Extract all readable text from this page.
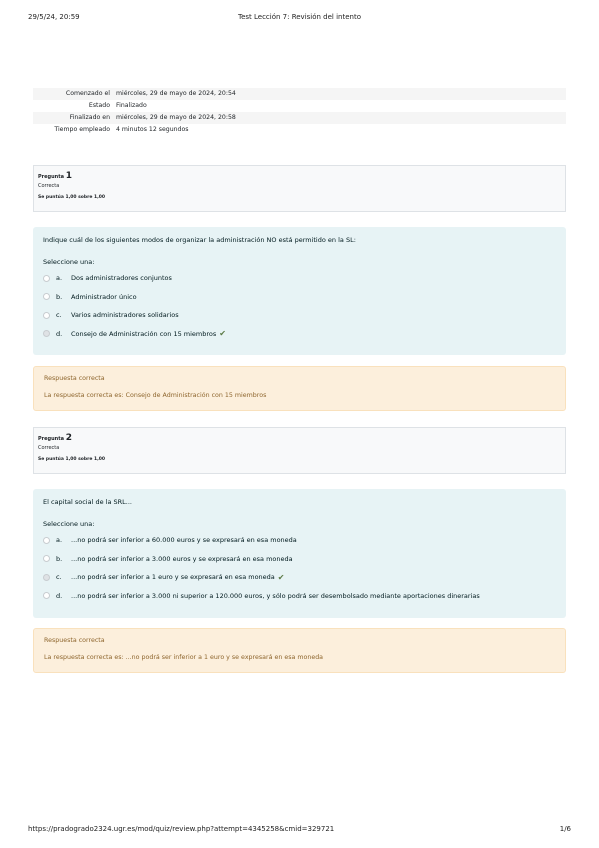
29/5/24, 20:59	Test Lección 7: Revisión del intento
Comenzado el	miércoles, 29 de mayo de 2024, 20:54
Estado	Finalizado
Finalizado en	miércoles, 29 de mayo de 2024, 20:58
Tiempo empleado	4 minutos 12 segundos
Pregunta 1
Correcta
Se puntúa 1,00 sobre 1,00
Indique cuál de los siguientes modos de organizar la administración NO está permitido en la SL:
Seleccione una:
a.	Dos administradores conjuntos
b.	Administrador único
c.	Varios administradores solidarios
d.	Consejo de Administración con 15 miembros ✔
Respuesta correcta
La respuesta correcta es: Consejo de Administración con 15 miembros
Pregunta 2
Correcta
Se puntúa 1,00 sobre 1,00
El capital social de la SRL...
Seleccione una:
a.	...no podrá ser inferior a 60.000 euros y se expresará en esa moneda
b.	...no podrá ser inferior a 3.000 euros y se expresará en esa moneda
c.	...no podrá ser inferior a 1 euro y se expresará en esa moneda ✔
d.	...no podrá ser inferior a 3.000 ni superior a 120.000 euros, y sólo podrá ser desembolsado mediante aportaciones dinerarias
Respuesta correcta
La respuesta correcta es: ...no podrá ser inferior a 1 euro y se expresará en esa moneda
https://pradogrado2324.ugr.es/mod/quiz/review.php?attempt=4345258&cmid=329721	1/6
